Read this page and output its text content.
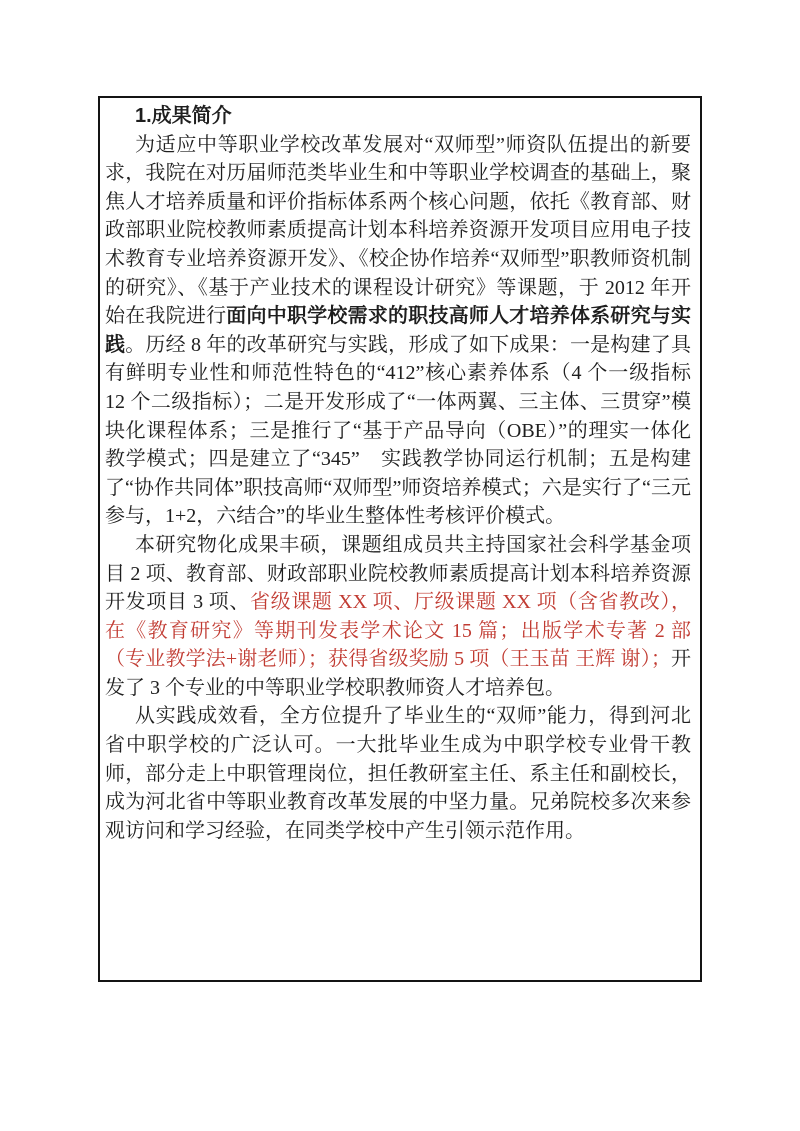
1.成果简介

为适应中等职业学校改革发展对“双师型”师资队伍提出的新要求，我院在对历届师范类毕业生和中等职业学校调查的基础上，聚焦人才培养质量和评价指标体系两个核心问题，依托《教育部、财政部职业院校教师素质提高计划本科培养资源开发项目应用电子技术教育专业培养资源开发》、《校企协作培养“双师型”职教师资机制的研究》、《基于产业技术的课程设计研究》等课题，于 2012 年开始在我院进行面向中职学校需求的职技高师人才培养体系研究与实践。历经 8 年的改革研究与实践，形成了如下成果：一是构建了具有鲜明专业性和师范性特色的“412”核心素养体系（4 个一级指标 12 个二级指标）；二是开发形成了“一体两翼、三主体、三贯穿”模块化课程体系；三是推行了“基于产品导向（OBE）”的理实一体化教学模式；四是建立了“345”　实践教学协同运行机制；五是构建了“协作共同体”职技高师“双师型”师资培养模式；六是实行了“三元参与，1+2，六结合”的毕业生整体性考核评价模式。

本研究物化成果丰硕，课题组成员共主持国家社会科学基金项目 2 项、教育部、财政部职业院校教师素质提高计划本科培养资源开发项目 3 项、省级课题 XX 项、厅级课题 XX 项（含省教改），在《教育研究》等期刊发表学术论文 15 篇；出版学术专著 2 部（专业教学法+谢老师）；获得省级奖励 5 项（王玉苗 王辉 谢）；开发了 3 个专业的中等职业学校职教师资人才培养包。

从实践成效看，全方位提升了毕业生的“双师”能力，得到河北省中职学校的广泛认可。一大批毕业生成为中职学校专业骨干教师，部分走上中职管理岗位，担任教研室主任、系主任和副校长，成为河北省中等职业教育改革发展的中坚力量。兄弟院校多次来参观访问和学习经验，在同类学校中产生引领示范作用。
